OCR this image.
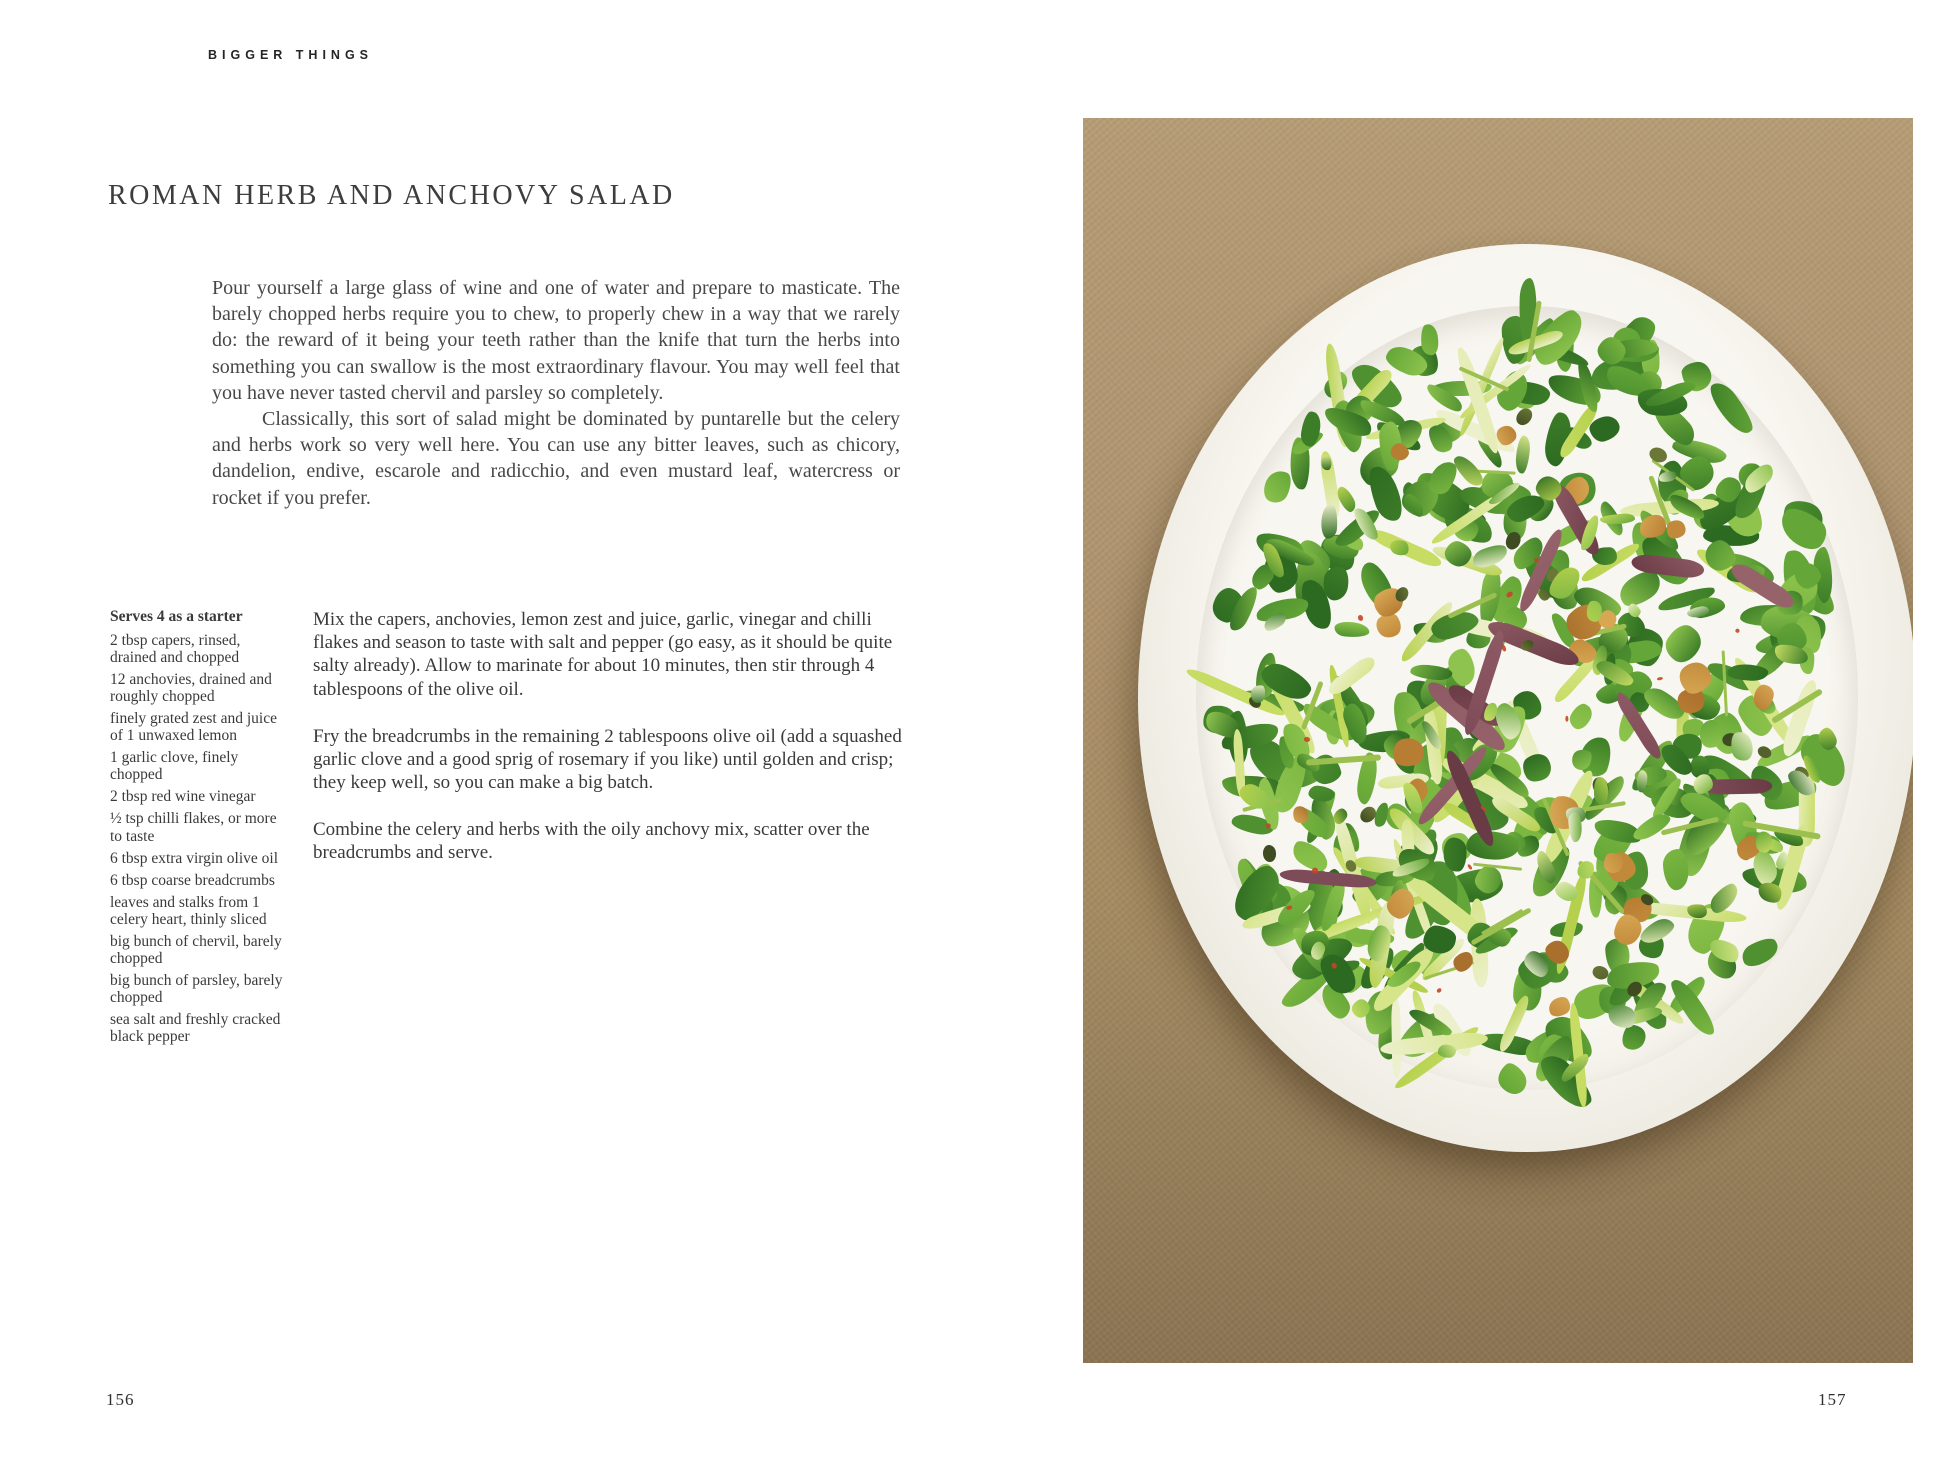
BIGGER THINGS
ROMAN HERB AND ANCHOVY SALAD

Pour yourself a large glass of wine and one of water and prepare to masticate. The barely chopped herbs require you to chew, to properly chew in a way that we rarely do: the reward of it being your teeth rather than the knife that turn the herbs into something you can swallow is the most extraordinary flavour. You may well feel that you have never tasted chervil and parsley so completely.

Classically, this sort of salad might be dominated by puntarelle but the celery and herbs work so very well here. You can use any bitter leaves, such as chicory, dandelion, endive, escarole and radicchio, and even mustard leaf, watercress or rocket if you prefer.

Serves 4 as a starter
2 tbsp capers, rinsed, drained and chopped
12 anchovies, drained and roughly chopped
finely grated zest and juice of 1 unwaxed lemon
1 garlic clove, finely chopped
2 tbsp red wine vinegar
½ tsp chilli flakes, or more to taste
6 tbsp extra virgin olive oil
6 tbsp coarse breadcrumbs
leaves and stalks from 1 celery heart, thinly sliced
big bunch of chervil, barely chopped
big bunch of parsley, barely chopped
sea salt and freshly cracked black pepper

Mix the capers, anchovies, lemon zest and juice, garlic, vinegar and chilli flakes and season to taste with salt and pepper (go easy, as it should be quite salty already). Allow to marinate for about 10 minutes, then stir through 4 tablespoons of the olive oil.

Fry the breadcrumbs in the remaining 2 tablespoons olive oil (add a squashed garlic clove and a good sprig of rosemary if you like) until golden and crisp; they keep well, so you can make a big batch.

Combine the celery and herbs with the oily anchovy mix, scatter over the breadcrumbs and serve.

156	157
